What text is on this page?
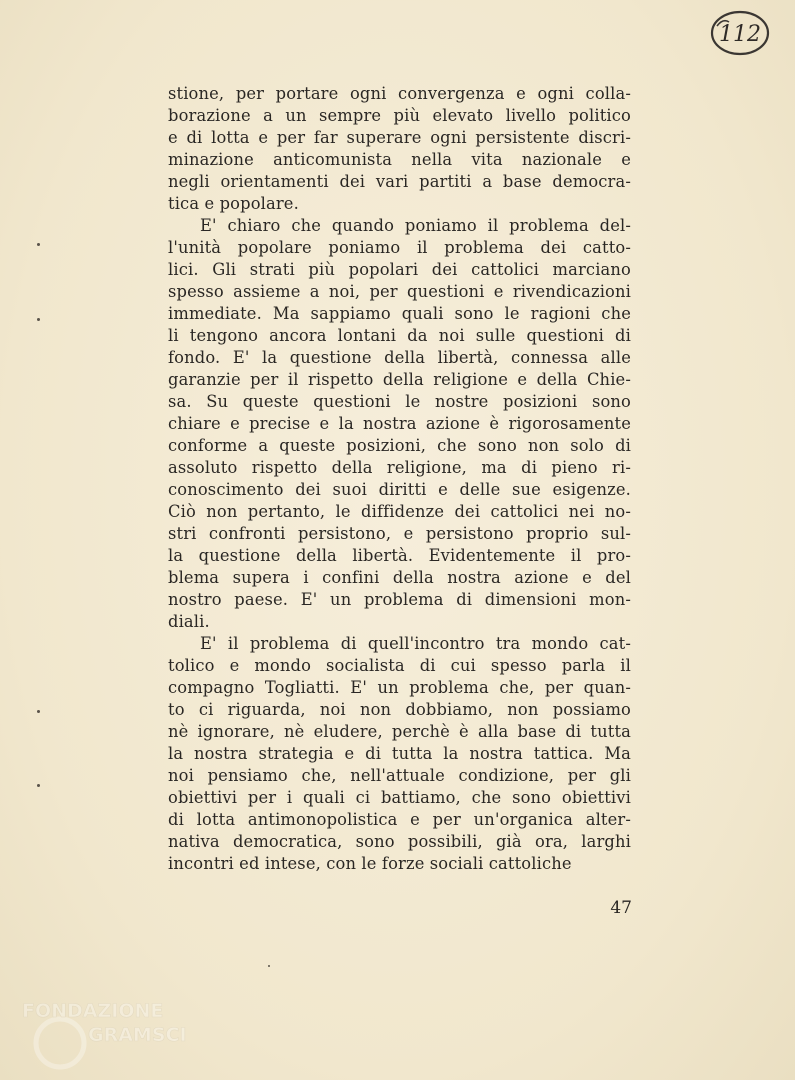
112
stione, per portare ogni convergenza e ogni colla-
borazione a un sempre più elevato livello politico
e di lotta e per far superare ogni persistente discri-
minazione anticomunista nella vita nazionale e
negli orientamenti dei vari partiti a base democra-
tica e popolare.
E' chiaro che quando poniamo il problema del-
l'unità popolare poniamo il problema dei catto-
lici. Gli strati più popolari dei cattolici marciano
spesso assieme a noi, per questioni e rivendicazioni
immediate. Ma sappiamo quali sono le ragioni che
li tengono ancora lontani da noi sulle questioni di
fondo. E' la questione della libertà, connessa alle
garanzie per il rispetto della religione e della Chie-
sa. Su queste questioni le nostre posizioni sono
chiare e precise e la nostra azione è rigorosamente
conforme a queste posizioni, che sono non solo di
assoluto rispetto della religione, ma di pieno ri-
conoscimento dei suoi diritti e delle sue esigenze.
Ciò non pertanto, le diffidenze dei cattolici nei no-
stri confronti persistono, e persistono proprio sul-
la questione della libertà. Evidentemente il pro-
blema supera i confini della nostra azione e del
nostro paese. E' un problema di dimensioni mon-
diali.
E' il problema di quell'incontro tra mondo cat-
tolico e mondo socialista di cui spesso parla il
compagno Togliatti. E' un problema che, per quan-
to ci riguarda, noi non dobbiamo, non possiamo
nè ignorare, nè eludere, perchè è alla base di tutta
la nostra strategia e di tutta la nostra tattica. Ma
noi pensiamo che, nell'attuale condizione, per gli
obiettivi per i quali ci battiamo, che sono obiettivi
di lotta antimonopolistica e per un'organica alter-
nativa democratica, sono possibili, già ora, larghi
incontri ed intese, con le forze sociali cattoliche
47
FONDAZIONE
GRAMSCI
